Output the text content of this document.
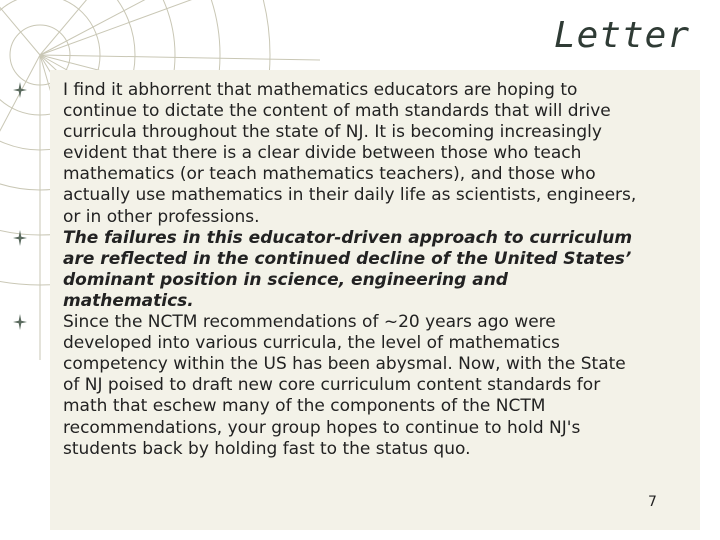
Letter
I find it abhorrent that mathematics educators are hoping to continue to dictate the content of math standards that will drive curricula throughout the state of NJ. It is becoming increasingly evident that there is a clear divide between those who teach mathematics (or teach mathematics teachers), and those who actually use mathematics in their daily life as scientists, engineers, or in other professions.
The failures in this educator-driven approach to curriculum are reflected in the continued decline of the United States’ dominant position in science, engineering and mathematics.
Since the NCTM recommendations of ~20 years ago were developed into various curricula, the level of mathematics competency within the US has been abysmal. Now, with the State of NJ poised to draft new core curriculum content standards for math that eschew many of the components of the NCTM recommendations, your group hopes to continue to hold NJ's students back by holding fast to the status quo.
7
